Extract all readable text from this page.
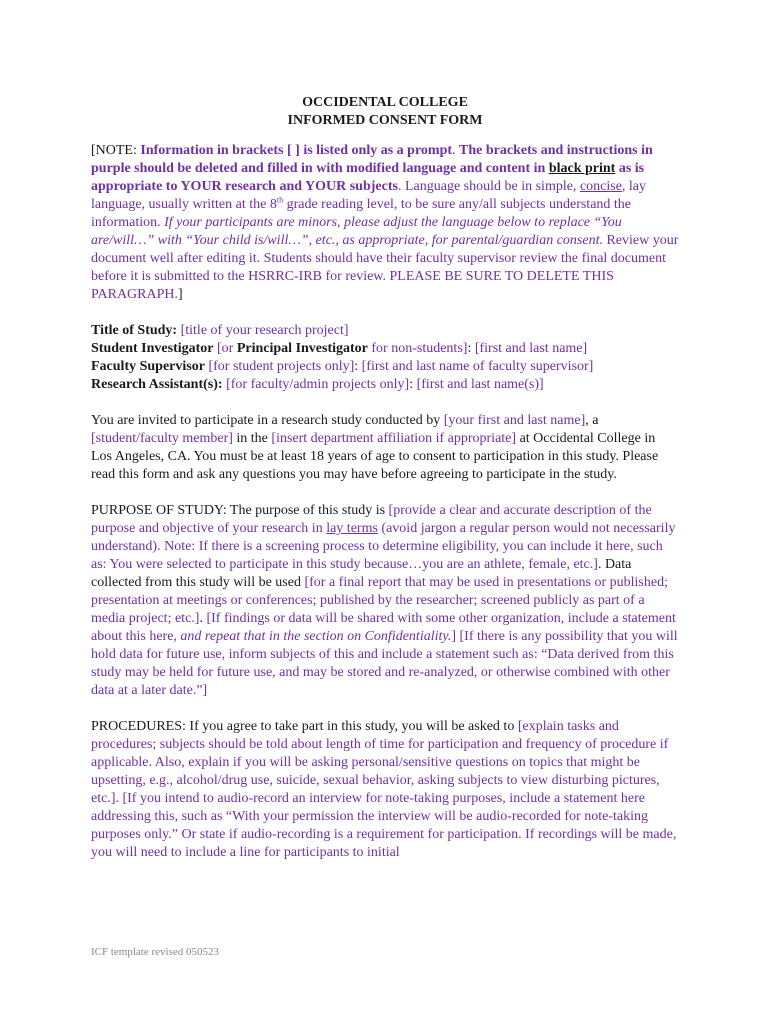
OCCIDENTAL COLLEGE
INFORMED CONSENT FORM

[NOTE: Information in brackets [ ] is listed only as a prompt. The brackets and instructions in purple should be deleted and filled in with modified language and content in black print as is appropriate to YOUR research and YOUR subjects. Language should be in simple, concise, lay language, usually written at the 8th grade reading level, to be sure any/all subjects understand the information. If your participants are minors, please adjust the language below to replace “You are/will…” with “Your child is/will…”, etc., as appropriate, for parental/guardian consent. Review your document well after editing it. Students should have their faculty supervisor review the final document before it is submitted to the HSRRC-IRB for review. PLEASE BE SURE TO DELETE THIS PARAGRAPH.]

Title of Study: [title of your research project]
Student Investigator [or Principal Investigator for non-students]: [first and last name]
Faculty Supervisor [for student projects only]: [first and last name of faculty supervisor]
Research Assistant(s): [for faculty/admin projects only]: [first and last name(s)]

You are invited to participate in a research study conducted by [your first and last name], a [student/faculty member] in the [insert department affiliation if appropriate] at Occidental College in Los Angeles, CA. You must be at least 18 years of age to consent to participation in this study. Please read this form and ask any questions you may have before agreeing to participate in the study.

PURPOSE OF STUDY: The purpose of this study is [provide a clear and accurate description of the purpose and objective of your research in lay terms (avoid jargon a regular person would not necessarily understand). Note: If there is a screening process to determine eligibility, you can include it here, such as: You were selected to participate in this study because…you are an athlete, female, etc.]. Data collected from this study will be used [for a final report that may be used in presentations or published; presentation at meetings or conferences; published by the researcher; screened publicly as part of a media project; etc.]. [If findings or data will be shared with some other organization, include a statement about this here, and repeat that in the section on Confidentiality.] [If there is any possibility that you will hold data for future use, inform subjects of this and include a statement such as: “Data derived from this study may be held for future use, and may be stored and re-analyzed, or otherwise combined with other data at a later date.”]

PROCEDURES: If you agree to take part in this study, you will be asked to [explain tasks and procedures; subjects should be told about length of time for participation and frequency of procedure if applicable. Also, explain if you will be asking personal/sensitive questions on topics that might be upsetting, e.g., alcohol/drug use, suicide, sexual behavior, asking subjects to view disturbing pictures, etc.]. [If you intend to audio-record an interview for note-taking purposes, include a statement here addressing this, such as “With your permission the interview will be audio-recorded for note-taking purposes only.” Or state if audio-recording is a requirement for participation. If recordings will be made, you will need to include a line for participants to initial

ICF template revised 050523
